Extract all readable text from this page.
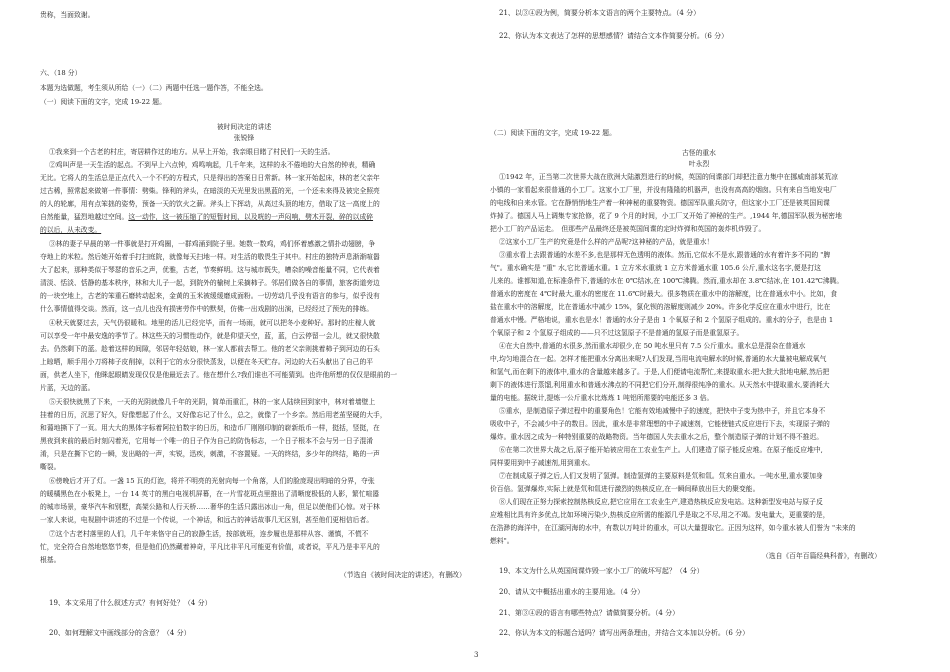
贵称，当面致谢。
六、（18 分）
本题为选做题，考生须从所给（一）（二）两题中任选一题作答，不能全选。
（一）阅读下面的文字，完成 19-22 题。
被时间决定的讲述
张锐锋
①我来到一个古老的村庄，寄居耕作过的地方。从早上开始，我亲眼目睹了村民们一天的生活。
②鸡叫声是一天生活的起点。不到早上六点钟，鸡鸣响起，几千年来，这样的永不倦地的大自然的钟表，精确
无比。它将人的生活总是正点代入一个不朽的方程式，只是得出的答案日日常新。林一家开始起床，林的老父亲年
过古稀，照常起来做第一件事情：劈柴。锋利的斧头，在暗淡的天光里发出黑蓝的光，一个还未来得及被完全照亮
的人的轮廓，用有点笨拙的姿势，预备一天的饮火之薪。斧头上下挥动，从高过头顶的地方，借取了这一高度上的
自然能量，猛烈地越过空间。这一动作，这一被压缩了的短暂时间，以及咣的一声闷响，劈木开裂，碎的以成碎
的以后，从未改变。
③林的妻子早晨的第一件事就是打开鸡圈，一群鸡涌到院子里。她数一数鸡，鸡们怀着感激之情扑动翅膀，争
夺地上的米粒。然后她开始着手打扫庭院，就像每天扫地一样。对生活的敬畏生于其中。村庄的独特声息渐渐喧嚣
大了起来，那种类似于琴瑟的音乐之声，优雅，古老，节奏鲜明。这与城市既失，嘈杂的噪音能量不同，它代表着
清淡、恬淡、恬静的基本秩序，林和大儿子一起，到院外的榆树上采摘柿子。邻居们做各自的事情，旅客街道旁边
的一块空地上，古老的笨重石磨转动起来，金黄的玉米被缓缓磨成面粉。一切劳动几乎没有语言的参与，似乎没有
什么事情值得交谈。然而，这一点儿也没有损害劳作中的默契，仿佛一出戏剧的出演，已经经过了预先的排练。
④秋天就要过去，天气仍很暖和。地里的活儿已经完毕，而有一场雨，就可以把冬小麦种好。那时的庄稼人就
可以享受一年中最安逸的季节了。林这些天的习惯性动作，就是仰望天空，蓝，蓝，白云停留一会儿，就又很快散
去。仍然剩下的蓝。趁着这样的间隙，邻居年轻姑娘，林一家人都前去帮工。他的老父亲则挑着柿子到河边的石头
上晾晒，顺手用小刀将柿子皮削掉，以利于它的水分很快蒸发，以便在冬天贮存。河边的大石头献出了自己的平
面，供老人坐下，他眯起眼睛发现仅仅是他最近去了。他在想什么?我们谁也不可能猜到。也许他所想的仅仅是眼前的一
片蓝，天边的蓝。
⑤天很快就黑了下来，一天的光阴就像几千年的光阴，简单而重汇，林的一家人陆续回到家中，林对着墙壁上
挂着的日历，沉思了好久，好像想起了什么，又好像忘记了什么，总之，就像了一个乡亲。然后用老茧坚硬的大手，
和蔼地撕下了一页。用大大的黑体字标着阿拉伯数字的日历，和造币厂刚刚印制的崭新纸币一样，挺括，竖挺，在
黑夜到来前的最后时刻闪着光，它用每一个唯一的日子作为自己的防伪标志，一个日子根本不会与另一日子混淆
淆，只是在撕下它的一瞬，发出略的一声，实锐，迅疾，刺激，不容置疑。一天的终结，多少年的终结，略的一声
嘶裂。
⑥傍晚后才开了灯。一盏 15 瓦的灯泡，将并不明亮的光射向每一个角落，人们的脸庞现出明暗的分界，夺张
的暖橘黑色在小板凳上，一台 14 英寸的黑白电视机屏幕，在一片雪花斑点里推出了清晰度极低的人影，繁忙喧嚣
的城市场景，豪华汽车和别墅，高架公路和人行天桥……奢华的生活只露出冰山一角，但足以使他们心惊。对于林
一家人来说，电视剧中讲述的不过是一个传说，一个神话，和远古的神话故事几无区别，甚至他们更相信后者。
⑦这个古老村落里的人们，几千年来恪守自己的寂静生活，按部就班，连步履也是那样从容、谨慎，不慌不
忙，完全符合自然地悠悠节奏，但是他们仍然藏着神奇，平凡比非平凡可能更有价值，或者说，平凡乃是非平凡的
根基。
（节选自《被时间决定的讲述》，有删改）
19、本文采用了什么叙述方式？有何好处？（4 分）
20、如何理解文中画线部分的含意？（4 分）
21、以③④段为例，简要分析本文语言的两个主要特点。（4 分）
22、你认为本文表达了怎样的思想感情？请结合文本作简要分析。（6 分）
（二）阅读下面的文字，完成 19-22 题。
古怪的重水
叶永烈
①1942 年，正当第二次世界大战在欧洲大陆激烈进行的时候，英国的间谍部门却把注意力集中在挪威南部某荒凉
小镇的一家看起来很普通的小工厂。这家小工厂里，并没有隆隆的机器声，也没有高高的烟囱。只有来自当地发电厂
的电线和自来水管。它在静悄悄地生产着一种神秘的重要物资。德国军队重兵防守，但这家小工厂还是被英国间谍
炸掉了。德国人马上调集专家抢修，花了 9 个月的时间，小工厂又开始了神秘的生产。,1944 年,德国军队极为秘密地
把小工厂的产品运走。　但那些产品最终还是被英国间谍的定时炸弹和英国的轰炸机炸毁了。
②这家小工厂生产的究竟是什么样的产品呢?这神秘的产品，就是重水！
③重水看上去跟普通的水差不多,也是那样无色透明的液体。然而,它似水不是水,跟普通的水有着许多不同的 "脾
气"。重水确实是 "重" 水,它比普通水重。1 立方米水重就 1 立方米普通水重 105.6 公斤,重水这名字,便是打这
儿来的。谁都知道,在标准条件下,普通的水在 0℃结冰,在 100℃沸腾。然而,重水却在 3.8℃结冰,在 101.42℃沸腾。
普通水的密度在 4℃时最大,重水的密度在 11.6℃时最大。很多物质在重水中的溶解度，比在普通水中小。比如，食
盐在重水中的溶解度，比在普通水中减少 15%，氯化钡的溶解度则减少 20%。许多化学反应在重水中进行，比在
普通水中慢。严格地说，重水也是水！普通的水分子是由 1 个氧原子和 2 个氢原子组成的。重水的分子，也是由 1
个氧原子和 2 个氢原子组成的——只不过这氢原子不是普通的氢原子而是重氢原子。
④在大自然中,普通的水很多,然而重水却很少,在 50 吨水里只有 7.5 公斤重水。重水总是混杂在普通水
中,均匀地混合在一起。怎样才能把重水分离出来呢?人们发现,当用电流电解水的时候,普通的水大量被电解成氧气
和氢气,而在剩下的液体中,重水的含量越来越多了。于是,人们便请电流帮忙,来提取重水:把大批大批地电解,然后把
剩下的液体进行蒸馏,利用重水和普通水沸点的不同把它们分开,制得很纯净的重水。从天然水中提取重水,要消耗大
量的电能。据统计,提炼一公斤重水比炼炼 1 吨铝所需要的电能还多 3 倍。
⑤重水，是制造原子弹过程中的重要角色！它能有效地减慢中子的速度，把快中子变为热中子，并且它本身不
吸收中子，不会减少中子的数目。因此，重水是非常理想的中子减速剂，它能使链式反应进行下去，实现原子弹的
爆炸。重水因之成为一种特别重要的战略物资。当年德国人失去重水之后，整个制造原子弹的计划不得不推迟。
⑥在第二次世界大战之后,原子能开始被应用在工农业生产上。人们建造了原子能反应堆。在原子能反应堆中,
同样要用到中子减速剂,用到重水。
⑦在制成原子弹之后,人们又发明了氢弹。制造氢弹的主要原料是氘和氚。氘来自重水。一吨水里,重水要加身
价百倍。氢弹爆炸,实际上就是氘和氚进行激烈的热核反应,在一瞬间释放出巨大的聚变能。
⑧人们现在正努力探索控制热核反应,把它应用在工农业生产,建造热核反应发电站。这种新型发电站与原子反
应堆相比具有许多优点,比如环境污染少,热核反应所需的能源几乎是取之不尽,用之不竭。发电量大，更重要的是，
在浩渺的海洋中，在江湖河海的水中，有数以万吨计的重水，可以大量提取它。正因为这样，如今重水被人们誉为 "未来的
燃料"。
（选自《百年百篇经典科普》，有删改）
19、本文为什么从英国间谍炸毁一家小工厂的破坏写起？（4 分）
20、请从文中概括出重水的主要用途。（4 分）
21、第③④段的语言有哪些特点？请做简要分析。（4 分）
22、你认为本文的标题合适吗？请写出两条理由，并结合文本加以分析。（6 分）
3
